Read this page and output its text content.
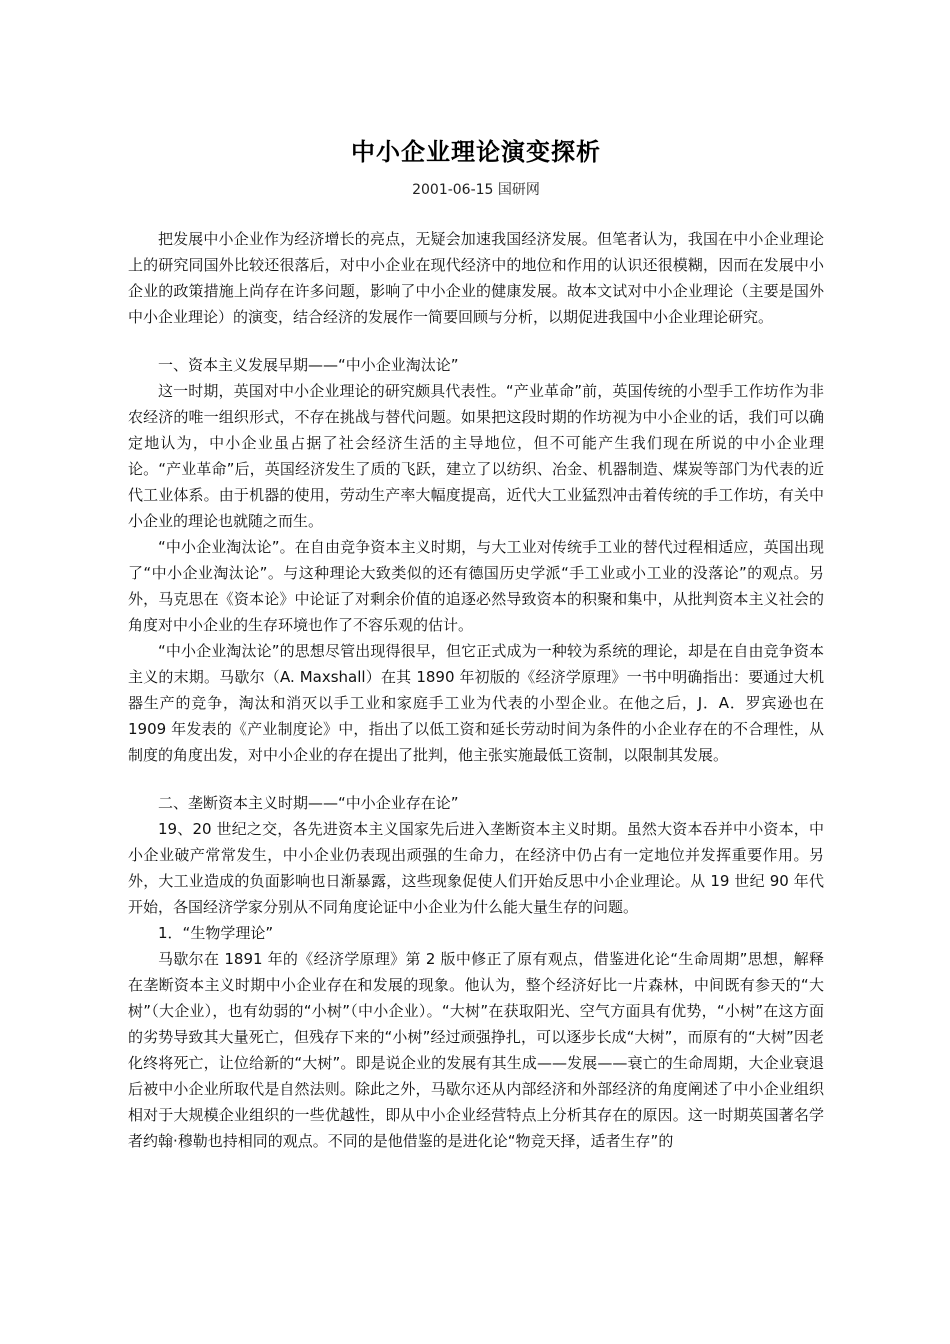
中小企业理论演变探析
2001-06-15 国研网

把发展中小企业作为经济增长的亮点，无疑会加速我国经济发展。但笔者认为，我国在中小企业理论上的研究同国外比较还很落后，对中小企业在现代经济中的地位和作用的认识还很模糊，因而在发展中小企业的政策措施上尚存在许多问题，影响了中小企业的健康发展。故本文试对中小企业理论（主要是国外中小企业理论）的演变，结合经济的发展作一简要回顾与分析，以期促进我国中小企业理论研究。

一、资本主义发展早期——“中小企业淘汰论”

这一时期，英国对中小企业理论的研究颇具代表性。“产业革命”前，英国传统的小型手工作坊作为非农经济的唯一组织形式，不存在挑战与替代问题。如果把这段时期的作坊视为中小企业的话，我们可以确定地认为，中小企业虽占据了社会经济生活的主导地位，但不可能产生我们现在所说的中小企业理论。“产业革命”后，英国经济发生了质的飞跃，建立了以纺织、冶金、机器制造、煤炭等部门为代表的近代工业体系。由于机器的使用，劳动生产率大幅度提高，近代大工业猛烈冲击着传统的手工作坊，有关中小企业的理论也就随之而生。

“中小企业淘汰论”。在自由竞争资本主义时期，与大工业对传统手工业的替代过程相适应，英国出现了“中小企业淘汰论”。与这种理论大致类似的还有德国历史学派“手工业或小工业的没落论”的观点。另外，马克思在《资本论》中论证了对剩余价值的追逐必然导致资本的积聚和集中，从批判资本主义社会的角度对中小企业的生存环境也作了不容乐观的估计。

“中小企业淘汰论”的思想尽管出现得很早，但它正式成为一种较为系统的理论，却是在自由竞争资本主义的末期。马歇尔（A. Maxshall）在其 1890 年初版的《经济学原理》一书中明确指出：要通过大机器生产的竞争，淘汰和消灭以手工业和家庭手工业为代表的小型企业。在他之后，J．A．罗宾逊也在 1909 年发表的《产业制度论》中，指出了以低工资和延长劳动时间为条件的小企业存在的不合理性，从制度的角度出发，对中小企业的存在提出了批判，他主张实施最低工资制，以限制其发展。

二、垄断资本主义时期——“中小企业存在论”

19、20 世纪之交，各先进资本主义国家先后进入垄断资本主义时期。虽然大资本吞并中小资本，中小企业破产常常发生，中小企业仍表现出顽强的生命力，在经济中仍占有一定地位并发挥重要作用。另外，大工业造成的负面影响也日渐暴露，这些现象促使人们开始反思中小企业理论。从 19 世纪 90 年代开始，各国经济学家分别从不同角度论证中小企业为什么能大量生存的问题。

1．“生物学理论”

马歇尔在 1891 年的《经济学原理》第 2 版中修正了原有观点，借鉴进化论“生命周期”思想，解释在垄断资本主义时期中小企业存在和发展的现象。他认为，整个经济好比一片森林，中间既有参天的“大树”（大企业），也有幼弱的“小树”（中小企业）。“大树”在获取阳光、空气方面具有优势，“小树”在这方面的劣势导致其大量死亡，但残存下来的“小树”经过顽强挣扎，可以逐步长成“大树”，而原有的“大树”因老化终将死亡，让位给新的“大树”。即是说企业的发展有其生成——发展——衰亡的生命周期，大企业衰退后被中小企业所取代是自然法则。除此之外，马歇尔还从内部经济和外部经济的角度阐述了中小企业组织相对于大规模企业组织的一些优越性，即从中小企业经营特点上分析其存在的原因。这一时期英国著名学者约翰·穆勒也持相同的观点。不同的是他借鉴的是进化论“物竞天择，适者生存”的
